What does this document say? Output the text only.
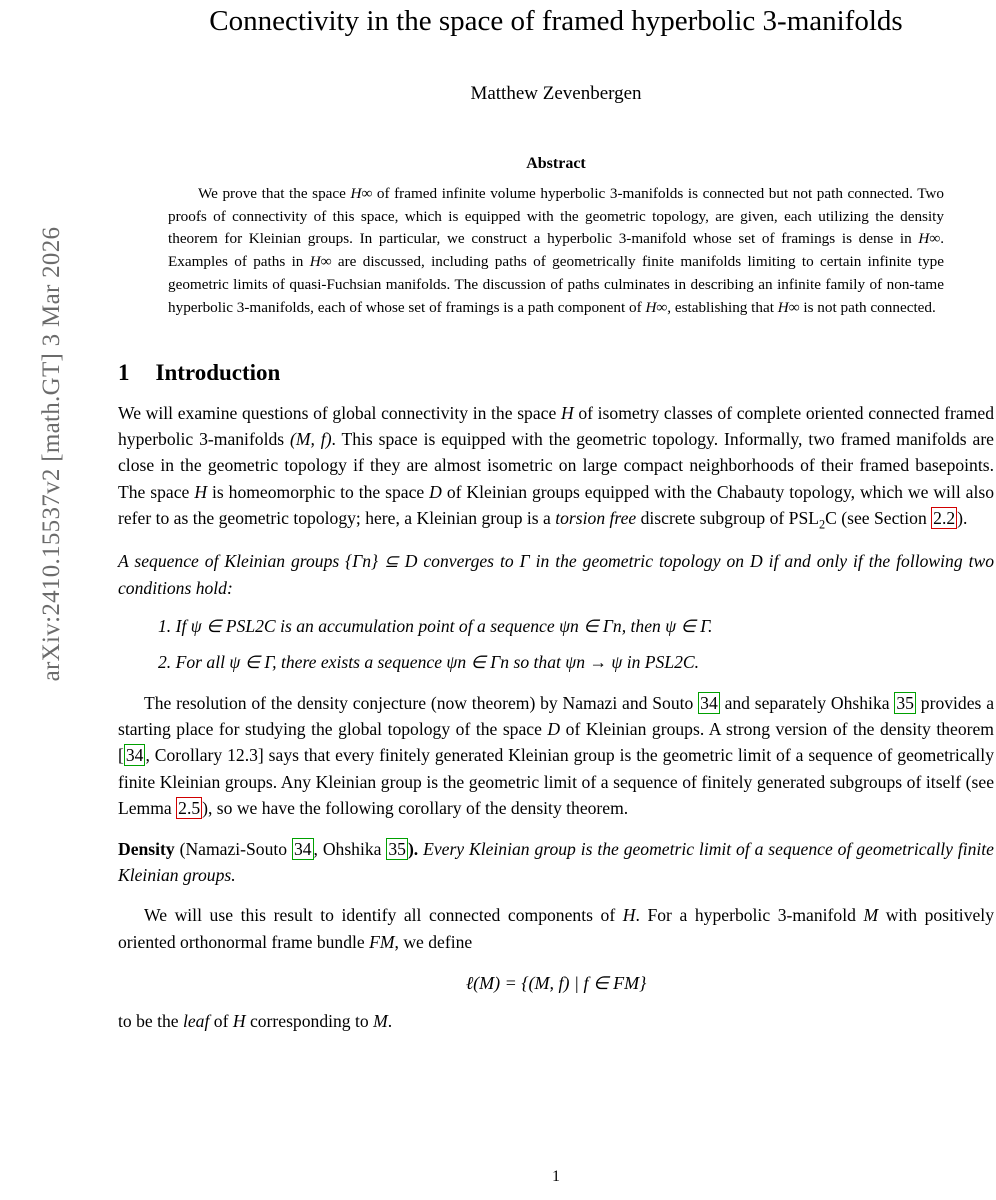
arXiv:2410.15537v2 [math.GT] 3 Mar 2026
Connectivity in the space of framed hyperbolic 3-manifolds
Matthew Zevenbergen
Abstract
We prove that the space H∞ of framed infinite volume hyperbolic 3-manifolds is connected but not path connected. Two proofs of connectivity of this space, which is equipped with the geometric topology, are given, each utilizing the density theorem for Kleinian groups. In particular, we construct a hyperbolic 3-manifold whose set of framings is dense in H∞. Examples of paths in H∞ are discussed, including paths of geometrically finite manifolds limiting to certain infinite type geometric limits of quasi-Fuchsian manifolds. The discussion of paths culminates in describing an infinite family of non-tame hyperbolic 3-manifolds, each of whose set of framings is a path component of H∞, establishing that H∞ is not path connected.
1 Introduction

We will examine questions of global connectivity in the space H of isometry classes of complete oriented connected framed hyperbolic 3-manifolds (M, f). This space is equipped with the geometric topology. Informally, two framed manifolds are close in the geometric topology if they are almost isometric on large compact neighborhoods of their framed basepoints. The space H is homeomorphic to the space D of Kleinian groups equipped with the Chabauty topology, which we will also refer to as the geometric topology; here, a Kleinian group is a torsion free discrete subgroup of $PSL_2C$ (see Section 2.2 ).

A sequence of Kleinian groups {Γn} ⊆ D converges to Γ in the geometric topology on D if and only if the following two conditions hold:

1. If ψ ∈ PSL2C is an accumulation point of a sequence ψn ∈ Γn, then ψ ∈ Γ.
2. For all ψ ∈ Γ, there exists a sequence ψn ∈ Γn so that ψn → ψ in PSL2C.

The resolution of the density conjecture (now theorem) by Namazi and Souto 34 and separately Ohshika 35 provides a starting place for studying the global topology of the space D of Kleinian groups. A strong version of the density theorem [ 34 , Corollary 12.3] says that every finitely generated Kleinian group is the geometric limit of a sequence of geometrically finite Kleinian groups. Any Kleinian group is the geometric limit of a sequence of finitely generated subgroups of itself (see Lemma 2.5 ), so we have the following corollary of the density theorem.

Density (Namazi-Souto 34 , Ohshika 35 ). Every Kleinian group is the geometric limit of a sequence of geometrically finite Kleinian groups.

We will use this result to identify all connected components of H. For a hyperbolic 3-manifold M with positively oriented orthonormal frame bundle FM, we define

ℓ(M) = {(M, f) | f ∈ FM}

to be the leaf of H corresponding to M.

1
